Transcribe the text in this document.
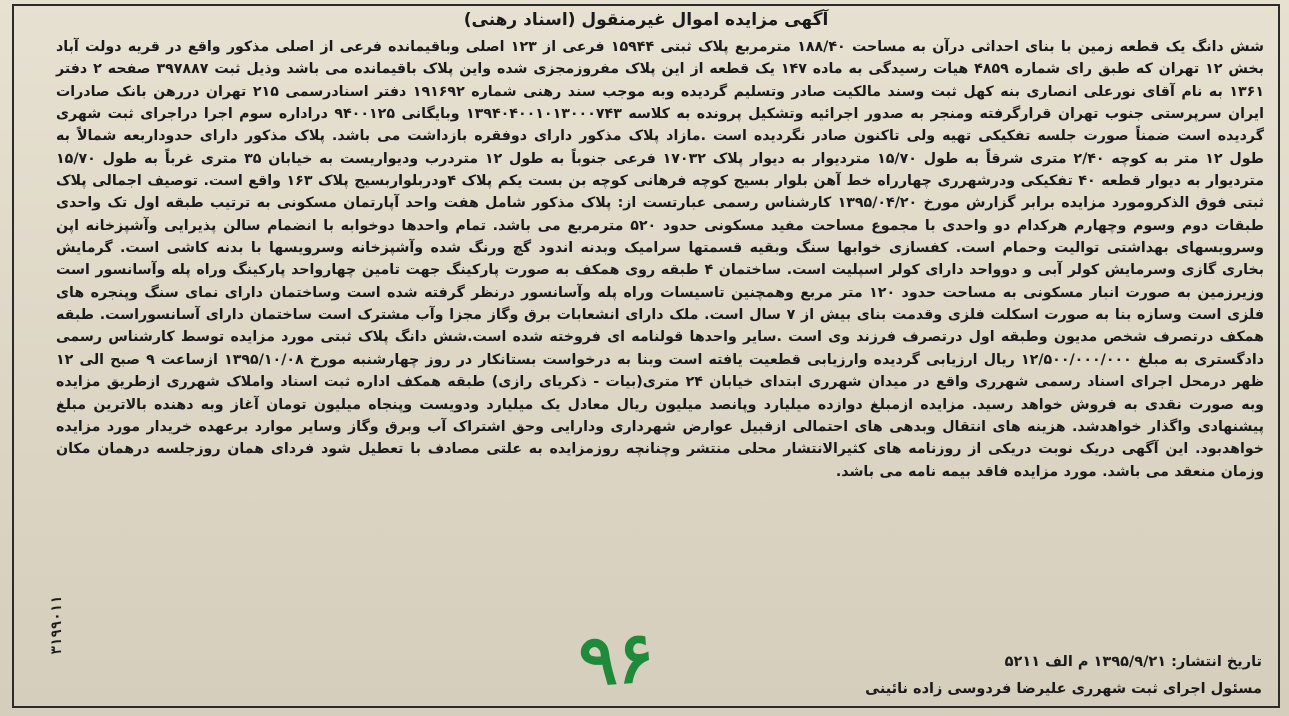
آگهی مزایده اموال غیرمنقول (اسناد رهنی)
شش دانگ یک قطعه زمین با بنای احداثی درآن به مساحت ۱۸۸/۴۰ مترمربع پلاک ثبتی ۱۵۹۴۴ فرعی از ۱۲۳ اصلی وباقیمانده فرعی از اصلی مذکور واقع در قریه دولت آباد بخش ۱۲ تهران که طبق رای شماره ۴۸۵۹ هیات رسیدگی به ماده ۱۴۷ یک قطعه از این پلاک مفروزمجزی شده واین پلاک باقیمانده می باشد وذیل ثبت ۳۹۷۸۸۷ صفحه ۲ دفتر ۱۳۶۱ به نام آقای نورعلی انصاری بنه کهل ثبت وسند مالکیت صادر وتسلیم گردیده وبه موجب سند رهنی شماره ۱۹۱۶۹۲ دفتر اسنادرسمی ۲۱۵ تهران دررهن بانک صادرات ایران سرپرستی جنوب تهران قرارگرفته ومنجر به صدور اجرائیه وتشکیل پرونده به کلاسه ۱۳۹۴۰۴۰۰۱۰۱۳۰۰۰۷۴۳ وبایگانی ۹۴۰۰۱۲۵ دراداره سوم اجرا دراجرای ثبت شهری گردیده است ضمناً صورت جلسه تفکیکی تهیه ولی تاکنون صادر نگردیده است .مازاد پلاک مذکور دارای دوفقره بازداشت می باشد. پلاک مذکور دارای حدوداربعه شمالاً به طول ۱۲ متر به کوچه ۲/۴۰ متری شرقاً به طول ۱۵/۷۰ متردیوار به دیوار پلاک ۱۷۰۳۲ فرعی جنوباً به طول ۱۲ متردرب ودیواریست به خیابان ۳۵ متری غرباً به طول ۱۵/۷۰ متردیوار به دیوار قطعه ۴۰ تفکیکی ودرشهرری چهارراه خط آهن بلوار بسیج کوچه فرهانی کوچه بن بست یکم پلاک ۴ودربلواربسیج پلاک ۱۶۳ واقع است. توصیف اجمالی پلاک ثبتی فوق الذکرومورد مزایده برابر گزارش مورخ ۱۳۹۵/۰۴/۲۰ کارشناس رسمی عبارتست از: پلاک مذکور شامل هفت واحد آپارتمان مسکونی به ترتیب طبقه اول تک واحدی طبقات دوم وسوم وچهارم هرکدام دو واحدی با مجموع مساحت مفید مسکونی حدود ۵۲۰ مترمربع می باشد. تمام واحدها دوخوابه با انضمام سالن پذیرایی وآشپزخانه اپن وسرویسهای بهداشتی توالیت وحمام است. کفسازی خوابها سنگ وبقیه قسمتها سرامیک وبدنه اندود گچ ورنگ شده وآشپزخانه وسرویسها با بدنه کاشی است. گرمایش بخاری گازی وسرمایش کولر آبی و دوواحد دارای کولر اسپلیت است. ساختمان ۴ طبقه روی همکف به صورت پارکینگ جهت تامین چهارواحد پارکینگ وراه پله وآسانسور است وزیرزمین به صورت انبار مسکونی به مساحت حدود ۱۲۰ متر مربع وهمچنین تاسیسات وراه پله وآسانسور درنظر گرفته شده است وساختمان دارای نمای سنگ وپنجره های فلزی است وسازه بنا به صورت اسکلت فلزی وقدمت بنای بیش از ۷ سال است. ملک دارای انشعابات برق وگاز مجزا وآب مشترک است ساختمان دارای آسانسوراست. طبقه همکف درتصرف شخص مدیون وطبقه اول درتصرف فرزند وی است .سایر واحدها قولنامه ای فروخته شده است.شش دانگ پلاک ثبتی مورد مزایده توسط کارشناس رسمی دادگستری به مبلغ ۱۲/۵۰۰/۰۰۰/۰۰۰ ریال ارزیابی گردیده وارزیابی قطعیت یافته است وبنا به درخواست بستانکار در روز چهارشنبه مورخ ۱۳۹۵/۱۰/۰۸ ازساعت ۹ صبح الی ۱۲ ظهر درمحل اجرای اسناد رسمی شهرری واقع در میدان شهرری ابتدای خیابان ۲۴ متری(بیات - ذکریای رازی) طبقه همکف اداره ثبت اسناد واملاک شهرری ازطریق مزایده وبه صورت نقدی به فروش خواهد رسید. مزایده ازمبلغ دوازده میلیارد وپانصد میلیون ریال معادل یک میلیارد ودویست وپنجاه میلیون تومان آغاز وبه دهنده بالاترین مبلغ پیشنهادی واگذار خواهدشد. هزینه های انتقال وبدهی های احتمالی ازقبیل عوارض شهرداری ودارایی وحق اشتراک آب وبرق وگاز وسایر موارد برعهده خریدار مورد مزایده خواهدبود. این آگهی دریک نوبت دریکی از روزنامه های کثیرالانتشار محلی منتشر وچنانچه روزمزایده به علتی مصادف با تعطیل شود فردای همان روزجلسه درهمان مکان وزمان منعقد می باشد. مورد مزایده فاقد بیمه نامه می باشد.
تاریخ انتشار: ۱۳۹۵/۹/۲۱ م الف ۵۲۱۱
مسئول اجرای ثبت شهرری علیرضا فردوسی زاده نائینی
۹۶
۳۱۹۹۰۱۱
